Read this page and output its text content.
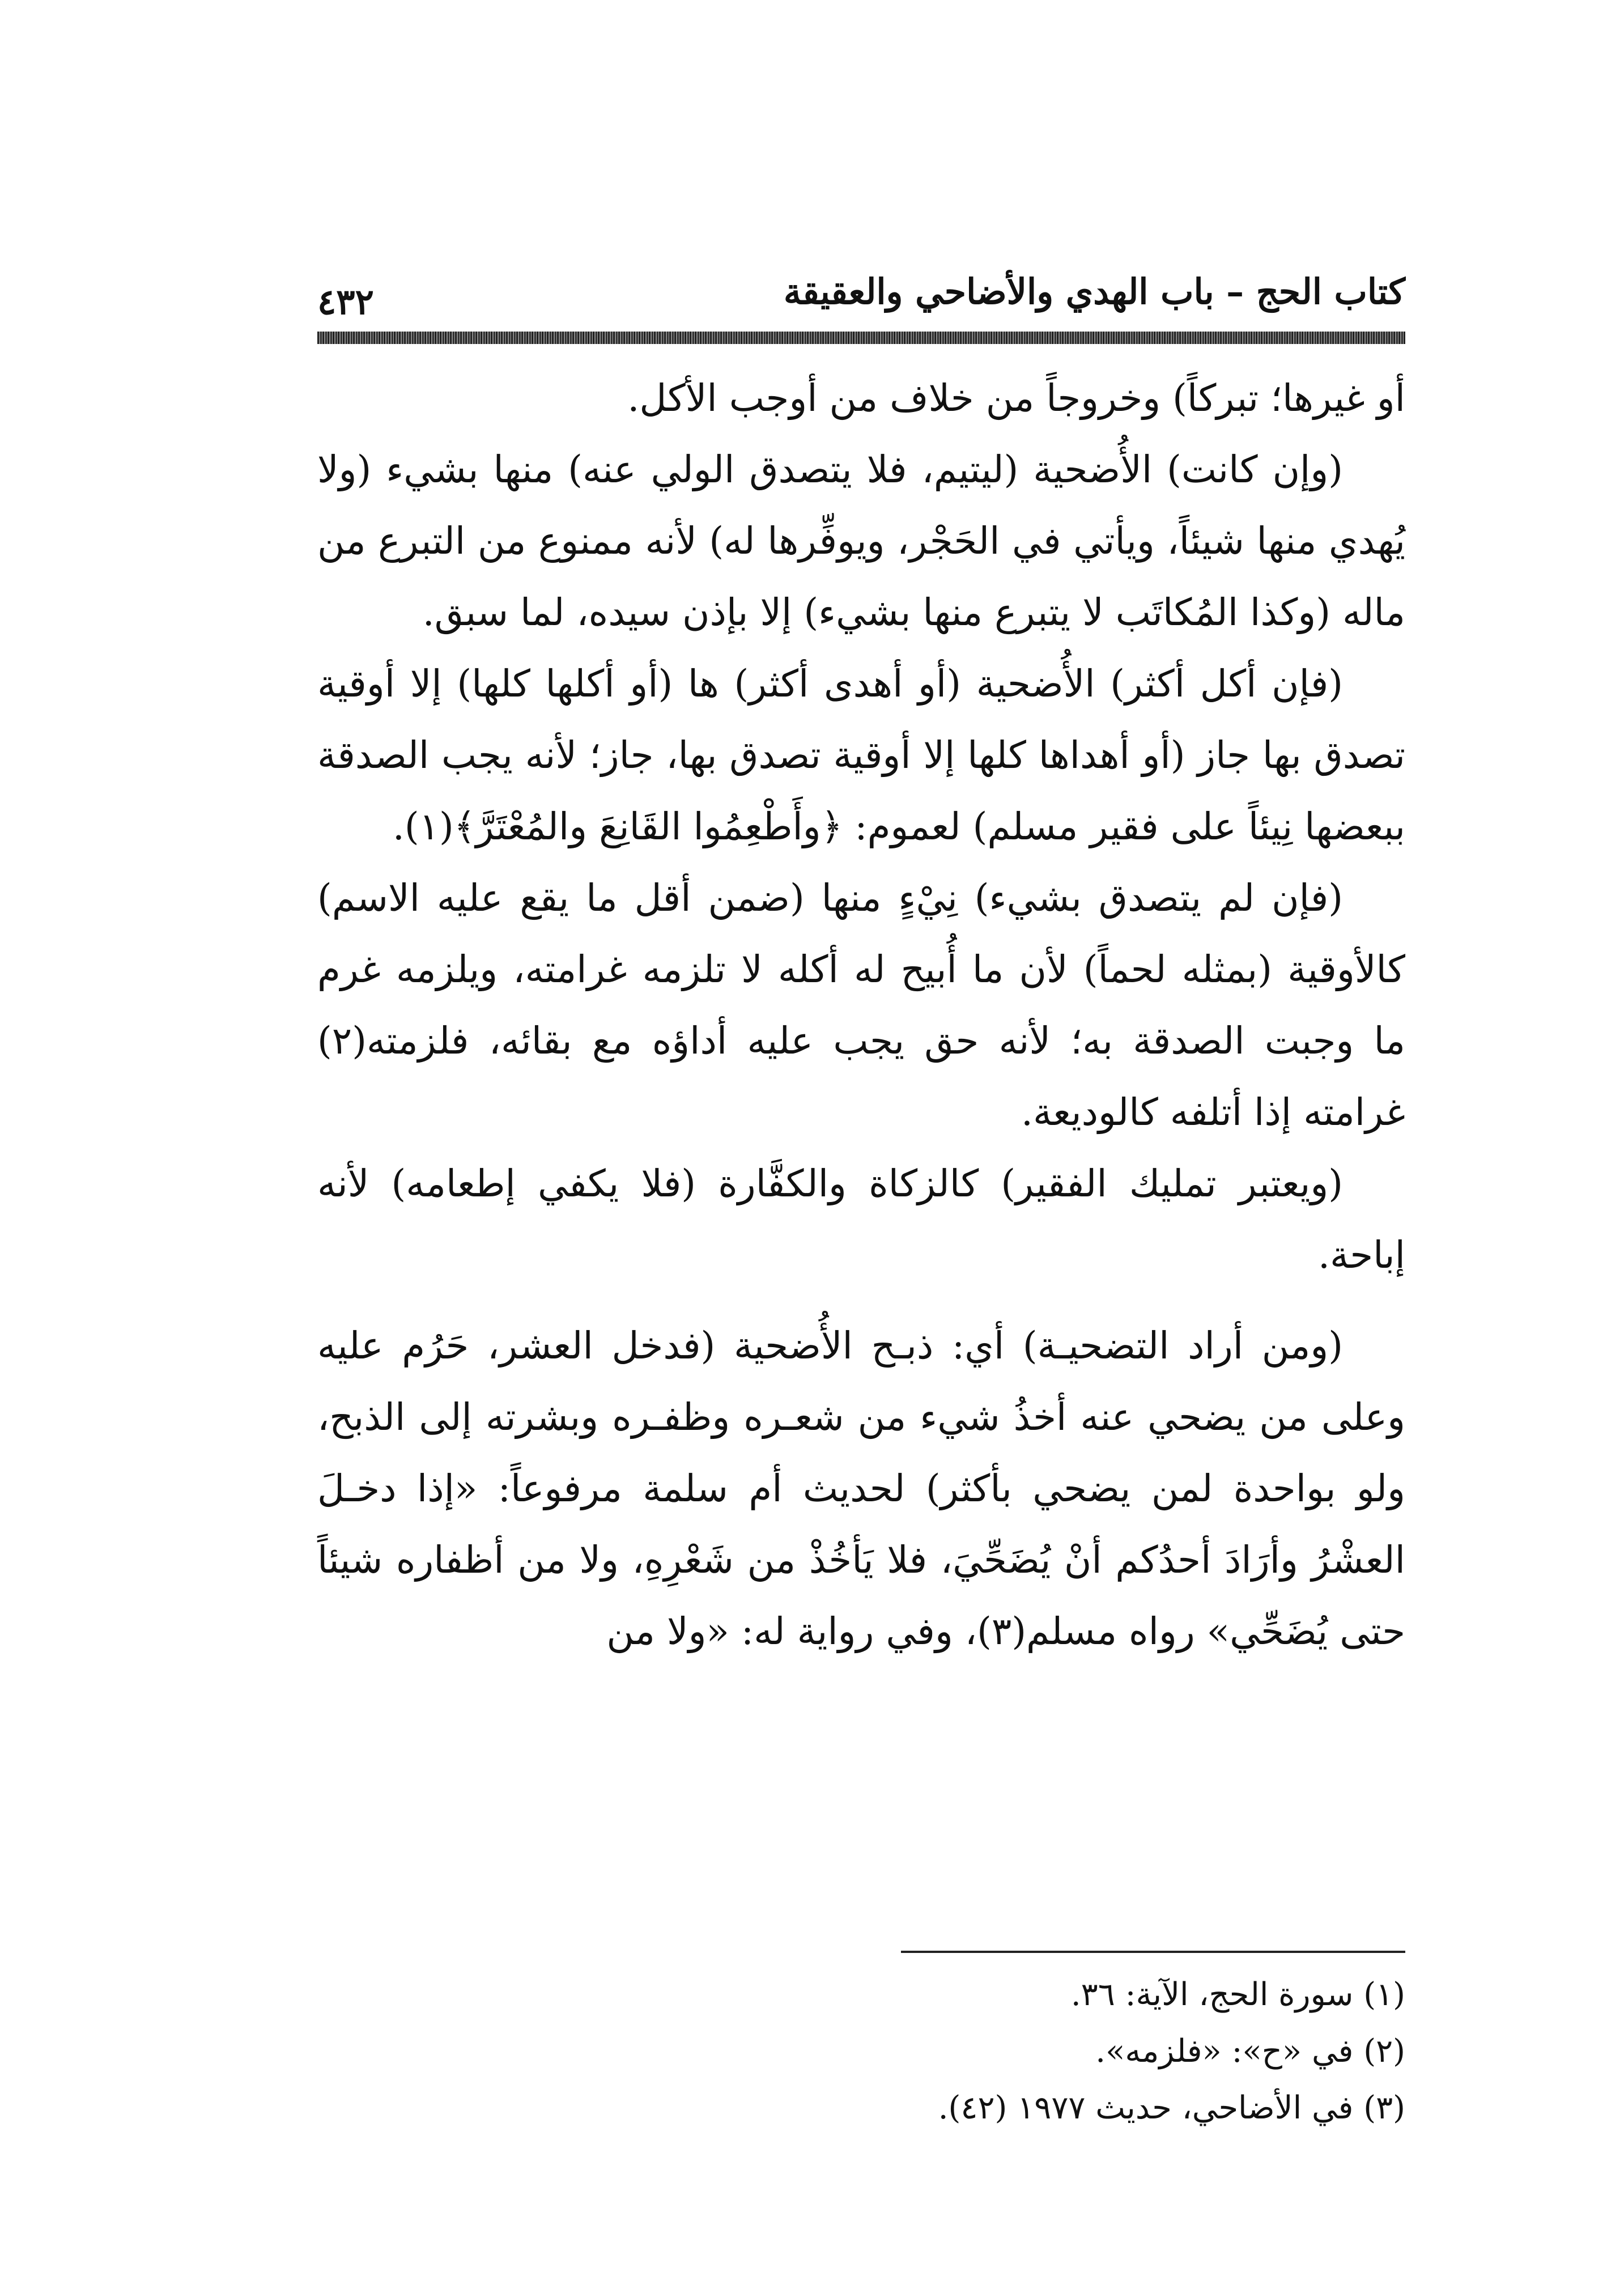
كتاب الحج – باب الهدي والأضاحي والعقيقة
٤٣٢

أو غيرها؛ تبركاً) وخروجاً من خلاف من أوجب الأكل.

(وإن كانت) الأُضحية (ليتيم، فلا يتصدق الولي عنه) منها بشيء (ولا يُهدي منها شيئاً، ويأتي في الحَجْر، ويوفِّرها له) لأنه ممنوع من التبرع من ماله (وكذا المُكاتَب لا يتبرع منها بشيء) إلا بإذن سيده، لما سبق.

(فإن أكل أكثر) الأُضحية (أو أهدى أكثر) ها (أو أكلها كلها) إلا أوقية تصدق بها جاز (أو أهداها كلها إلا أوقية تصدق بها، جاز؛ لأنه يجب الصدقة ببعضها نِيئاً على فقير مسلم) لعموم: ﴿وأَطْعِمُوا القَانِعَ والمُعْتَرَّ﴾(١).

(فإن لم يتصدق بشيء) نِيْءٍ منها (ضمن أقل ما يقع عليه الاسم) كالأوقية (بمثله لحماً) لأن ما أُبيح له أكله لا تلزمه غرامته، ويلزمه غرم ما وجبت الصدقة به؛ لأنه حق يجب عليه أداؤه مع بقائه، فلزمته(٢) غرامته إذا أتلفه كالوديعة.

(ويعتبر تمليك الفقير) كالزكاة والكفَّارة (فلا يكفي إطعامه) لأنه إباحة.

(ومن أراد التضحيـة) أي: ذبـح الأُضحية (فدخل العشر، حَرُم عليه وعلى من يضحي عنه أخذُ شيء من شعـره وظفـره وبشرته إلى الذبح، ولو بواحدة لمن يضحي بأكثر) لحديث أم سلمة مرفوعاً: «إذا دخـلَ العشْرُ وأرَادَ أحدُكم أنْ يُضَحِّيَ، فلا يَأخُذْ من شَعْرِهِ، ولا من أظفاره شيئاً حتى يُضَحِّي» رواه مسلم(٣)، وفي رواية له: «ولا من

(١) سورة الحج، الآية: ٣٦.
(٢) في «ح»: «فلزمه».
(٣) في الأضاحي، حديث ١٩٧٧ (٤٢).
